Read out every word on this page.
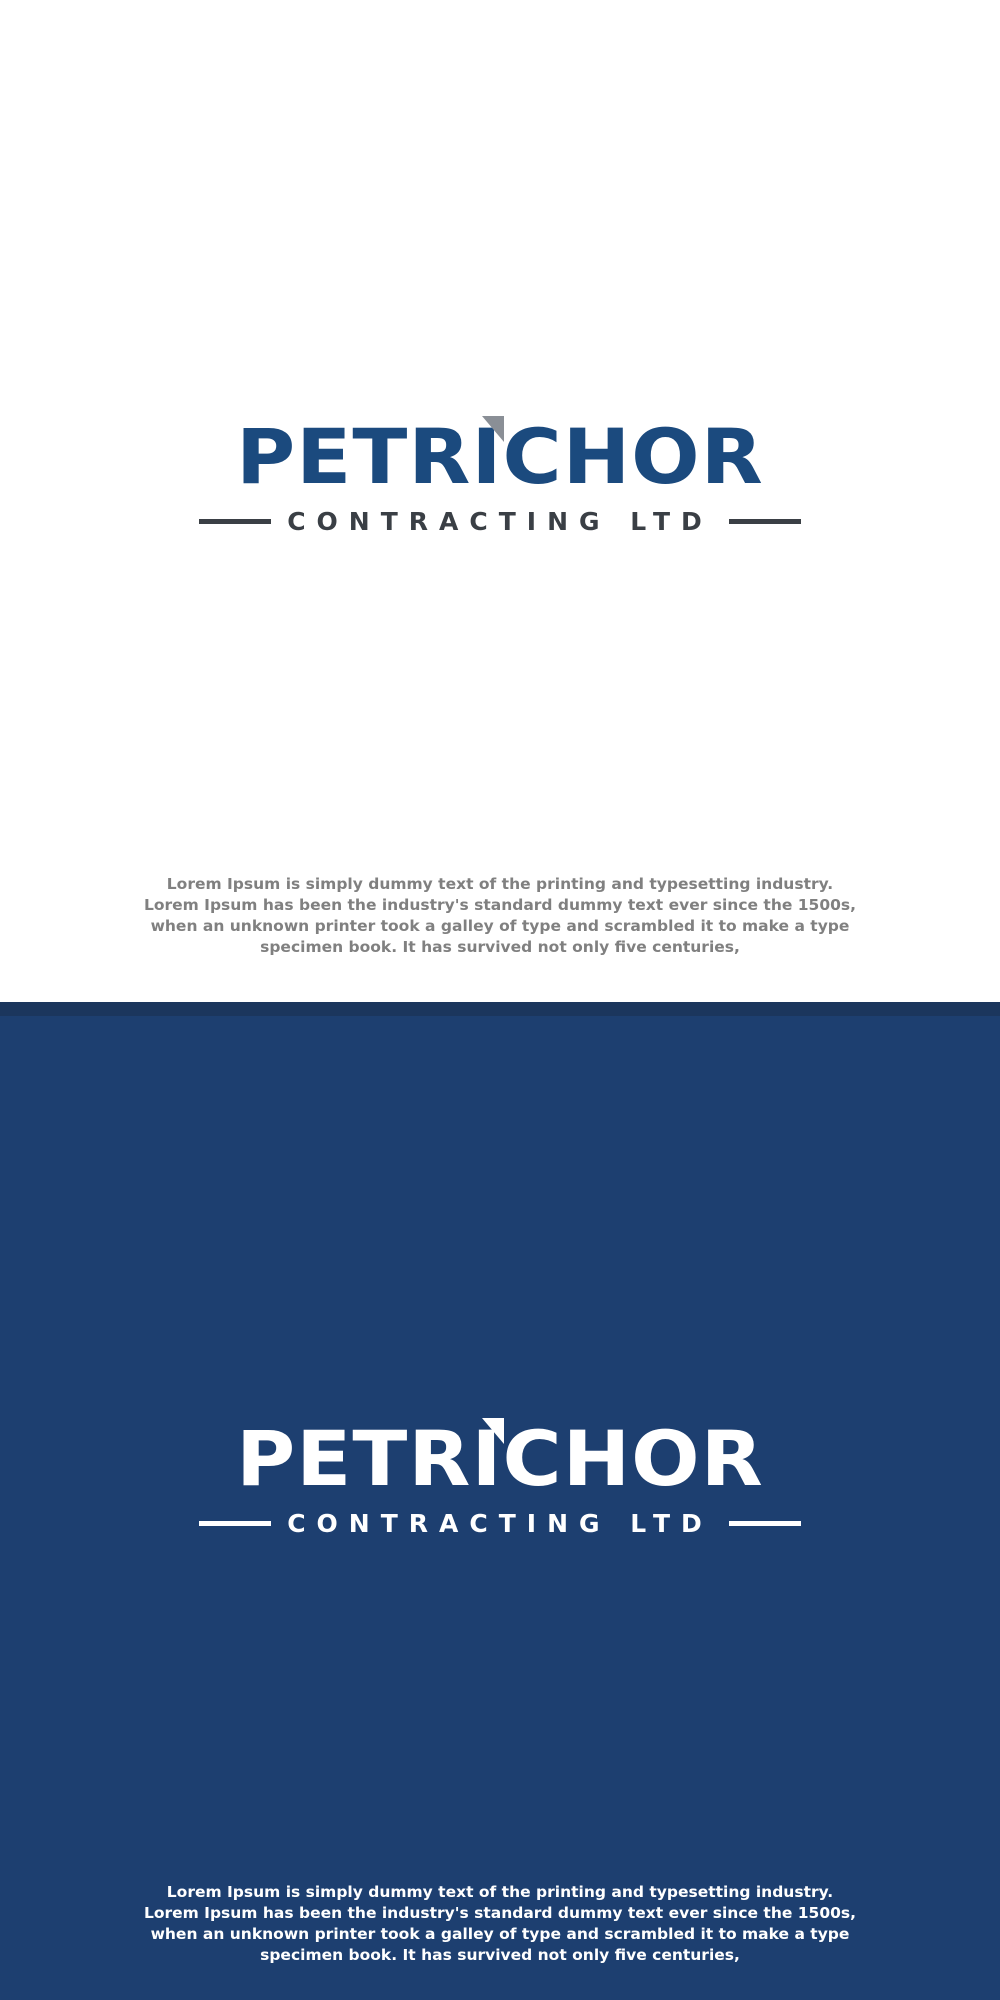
PETRICHOR
CONTRACTING LTD

Lorem Ipsum is simply dummy text of the printing and typesetting industry. Lorem Ipsum has been the industry's standard dummy text ever since the 1500s, when an unknown printer took a galley of type and scrambled it to make a type specimen book. It has survived not only five centuries,

PETRICHOR
CONTRACTING LTD

Lorem Ipsum is simply dummy text of the printing and typesetting industry. Lorem Ipsum has been the industry's standard dummy text ever since the 1500s, when an unknown printer took a galley of type and scrambled it to make a type specimen book. It has survived not only five centuries,
